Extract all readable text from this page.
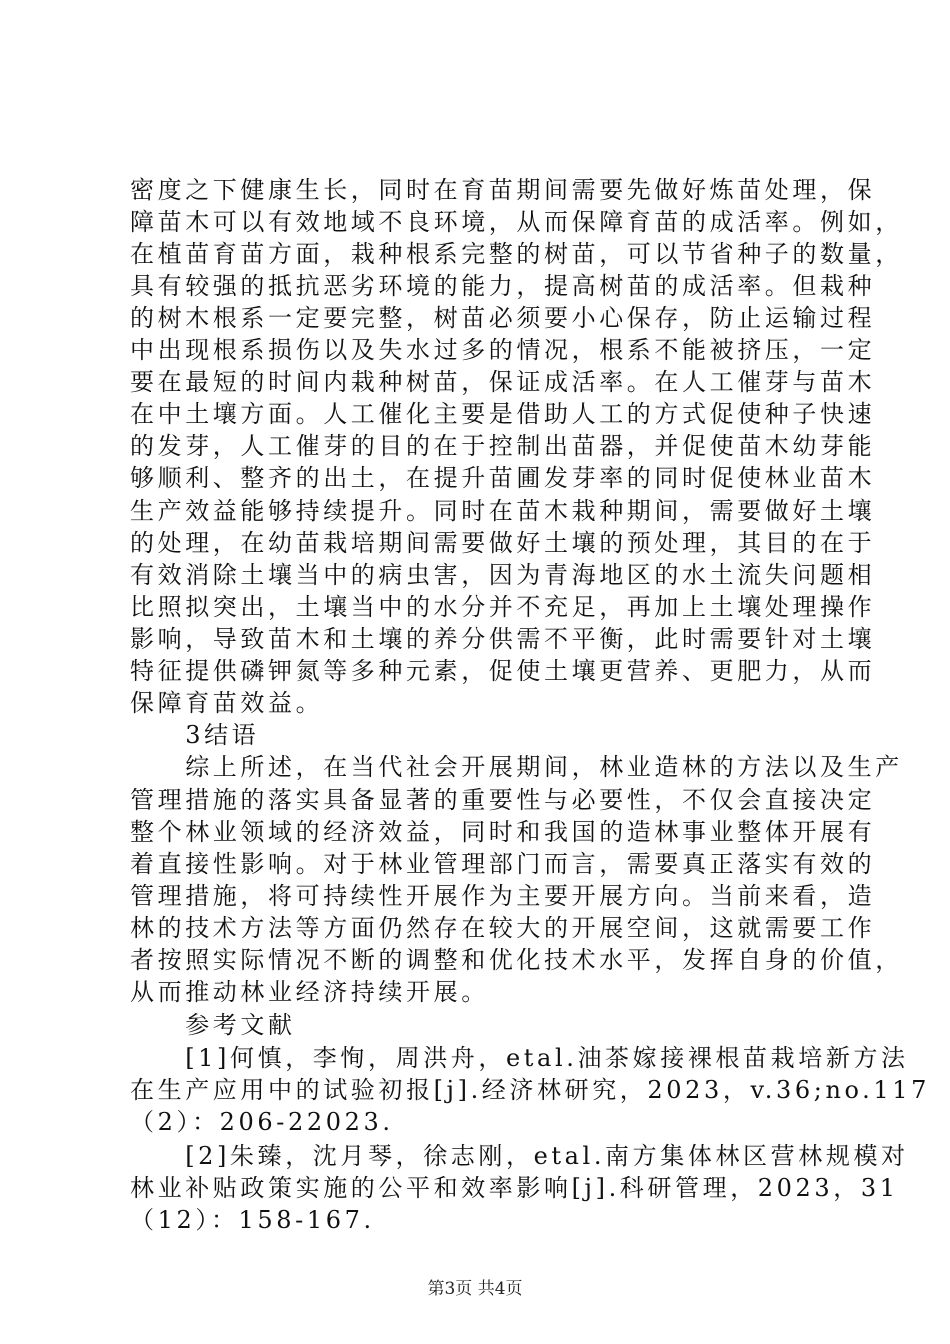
密度之下健康生长，同时在育苗期间需要先做好炼苗处理，保
障苗木可以有效地域不良环境，从而保障育苗的成活率。例如，
在植苗育苗方面，栽种根系完整的树苗，可以节省种子的数量，
具有较强的抵抗恶劣环境的能力，提高树苗的成活率。但栽种
的树木根系一定要完整，树苗必须要小心保存，防止运输过程
中出现根系损伤以及失水过多的情况，根系不能被挤压，一定
要在最短的时间内栽种树苗，保证成活率。在人工催芽与苗木
在中土壤方面。人工催化主要是借助人工的方式促使种子快速
的发芽，人工催芽的目的在于控制出苗器，并促使苗木幼芽能
够顺利、整齐的出土，在提升苗圃发芽率的同时促使林业苗木
生产效益能够持续提升。同时在苗木栽种期间，需要做好土壤
的处理，在幼苗栽培期间需要做好土壤的预处理，其目的在于
有效消除土壤当中的病虫害，因为青海地区的水土流失问题相
比照拟突出，土壤当中的水分并不充足，再加上土壤处理操作
影响，导致苗木和土壤的养分供需不平衡，此时需要针对土壤
特征提供磷钾氮等多种元素，促使土壤更营养、更肥力，从而
保障育苗效益。
　　3结语
　　综上所述，在当代社会开展期间，林业造林的方法以及生产
管理措施的落实具备显著的重要性与必要性，不仅会直接决定
整个林业领域的经济效益，同时和我国的造林事业整体开展有
着直接性影响。对于林业管理部门而言，需要真正落实有效的
管理措施，将可持续性开展作为主要开展方向。当前来看，造
林的技术方法等方面仍然存在较大的开展空间，这就需要工作
者按照实际情况不断的调整和优化技术水平，发挥自身的价值，
从而推动林业经济持续开展。
　　参考文献
　　[1]何慎，李恂，周洪舟，etal.油茶嫁接裸根苗栽培新方法
在生产应用中的试验初报[j].经济林研究，2023，v.36;no.117
（2）：206-22023.
　　[2]朱臻，沈月琴，徐志刚，etal.南方集体林区营林规模对
林业补贴政策实施的公平和效率影响[j].科研管理，2023，31
（12）：158-167.
第3页 共4页
